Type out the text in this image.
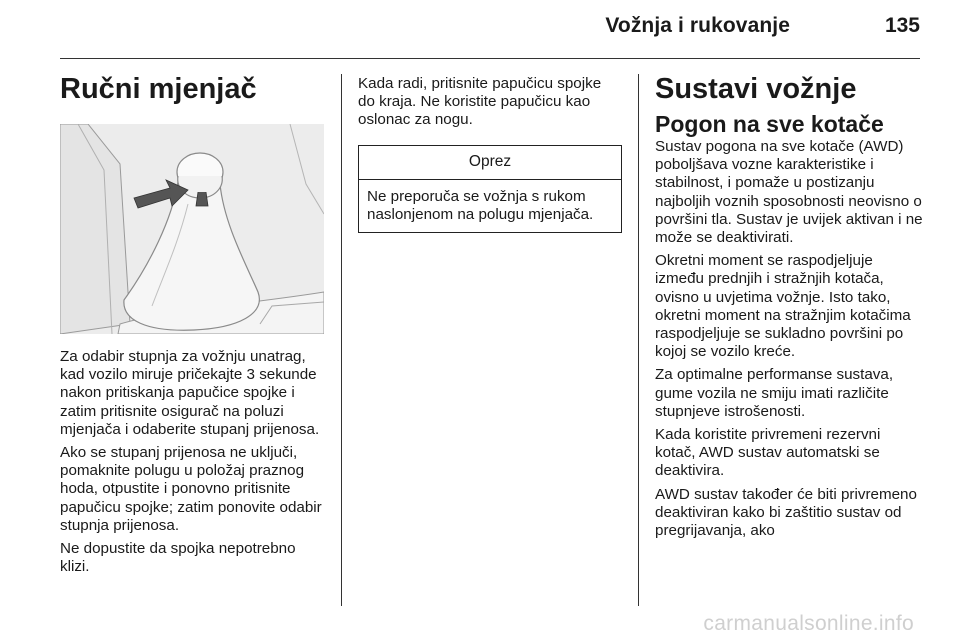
Vožnja i rukovanje	135
Ručni mjenjač

Za odabir stupnja za vožnju unatrag, kad vozilo miruje pričekajte 3 sekunde nakon pritiskanja papučice spojke i zatim pritisnite osigurač na poluzi mjenjača i odaberite stupanj prijenosa.

Ako se stupanj prijenosa ne uključi, pomaknite polugu u položaj praznog hoda, otpustite i ponovno pritisnite papučicu spojke; zatim ponovite odabir stupnja prijenosa.

Ne dopustite da spojka nepotrebno klizi.

Kada radi, pritisnite papučicu spojke do kraja. Ne koristite papučicu kao oslonac za nogu.

Oprez

Ne preporuča se vožnja s rukom naslonjenom na polugu mjenjača.

Sustavi vožnje
Pogon na sve kotače

Sustav pogona na sve kotače (AWD) poboljšava vozne karakteristike i stabilnost, i pomaže u postizanju najboljih voznih sposobnosti neovisno o površini tla. Sustav je uvijek aktivan i ne može se deaktivirati.

Okretni moment se raspodjeljuje između prednjih i stražnjih kotača, ovisno u uvjetima vožnje. Isto tako, okretni moment na stražnjim kotačima raspodjeljuje se sukladno površini po kojoj se vozilo kreće.

Za optimalne performanse sustava, gume vozila ne smiju imati različite stupnjeve istrošenosti.

Kada koristite privremeni rezervni kotač, AWD sustav automatski se deaktivira.

AWD sustav također će biti privremeno deaktiviran kako bi zaštitio sustav od pregrijavanja, ako

carmanualsonline.info
